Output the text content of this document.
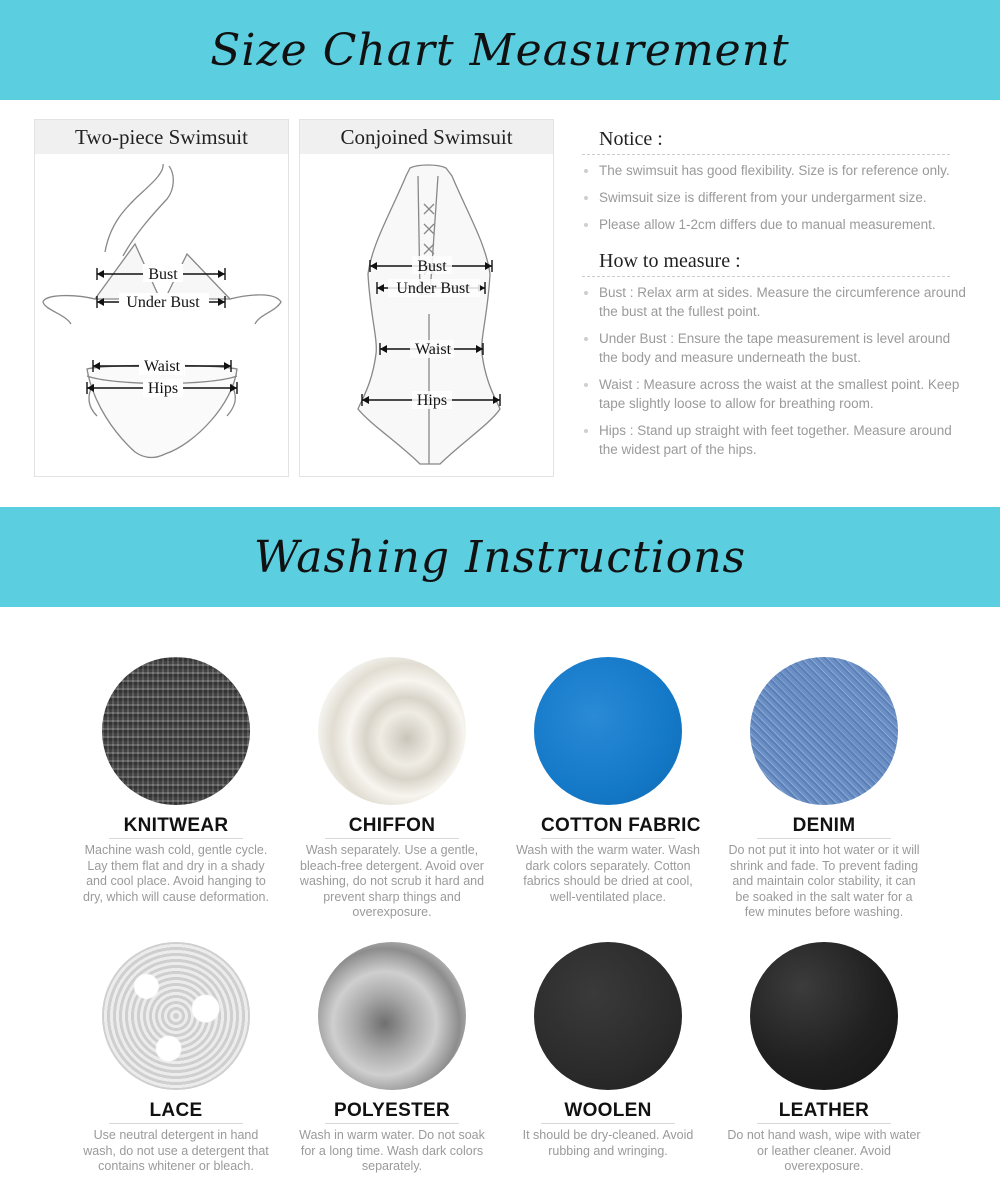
Size Chart Measurement
Two-piece Swimsuit
Bust
Under Bust
Waist
Hips
Conjoined Swimsuit
Bust
Under Bust
Waist
Hips
Notice :
The swimsuit has good flexibility. Size is for reference only.
Swimsuit size is different from your undergarment size.
Please allow 1-2cm differs due to manual measurement.
How to measure :
Bust : Relax arm at sides. Measure the circumference around the bust at the fullest point.
Under Bust : Ensure the tape measurement is level around the body and measure underneath the bust.
Waist : Measure across the waist at the smallest point. Keep tape slightly loose to allow for breathing room.
Hips : Stand up straight with feet together. Measure around the widest part of the hips.
Washing Instructions
KNITWEAR
Machine wash cold, gentle cycle. Lay them flat and dry in a shady and cool place. Avoid hanging to dry, which will cause deformation.
CHIFFON
Wash separately. Use a gentle, bleach-free detergent. Avoid over washing, do not scrub it hard and prevent sharp things and overexposure.
COTTON FABRIC
Wash with the warm water. Wash dark colors separately. Cotton fabrics should be dried at cool, well-ventilated place.
DENIM
Do not put it into hot water or it will shrink and fade. To prevent fading and maintain color stability, it can be soaked in the salt water for a few minutes before washing.
LACE
Use neutral detergent in hand wash, do not use a detergent that contains whitener or bleach.
POLYESTER
Wash in warm water. Do not soak for a long time. Wash dark colors separately.
WOOLEN
It should be dry-cleaned. Avoid rubbing and wringing.
LEATHER
Do not hand wash, wipe with water or leather cleaner. Avoid overexposure.
